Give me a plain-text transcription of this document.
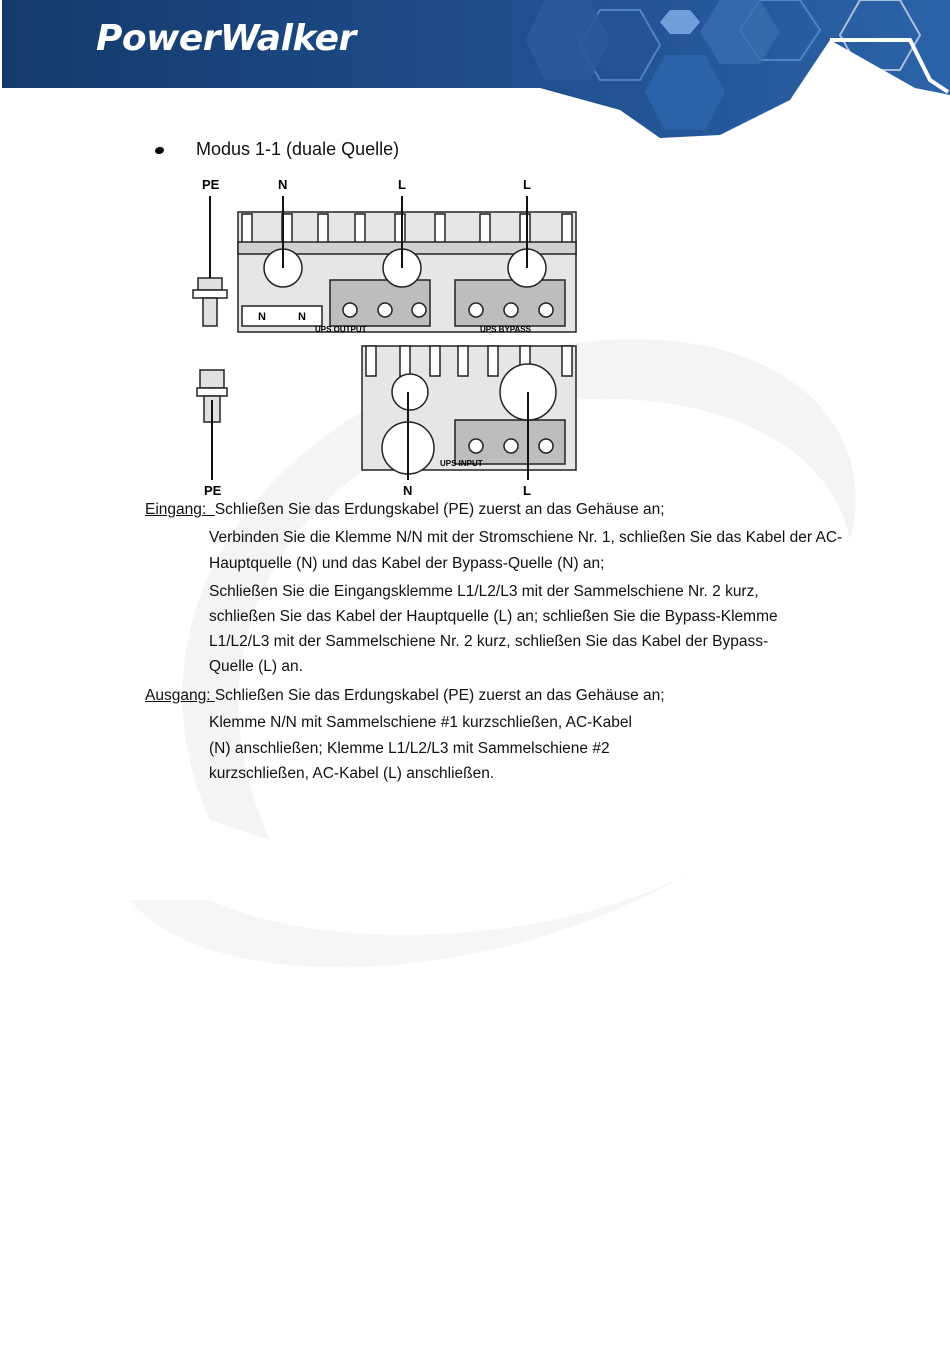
PowerWalker
Modus 1-1 (duale Quelle)
PE	N	L	L
N	N
UPS OUTPUT	UPS BYPASS
UPS INPUT
PE	N	L
Eingang: Schließen Sie das Erdungskabel (PE) zuerst an das Gehäuse an;
Verbinden Sie die Klemme N/N mit der Stromschiene Nr. 1, schließen Sie das Kabel der AC-
Hauptquelle (N) und das Kabel der Bypass-Quelle (N) an;
Schließen Sie die Eingangsklemme L1/L2/L3 mit der Sammelschiene Nr. 2 kurz,
schließen Sie das Kabel der Hauptquelle (L) an; schließen Sie die Bypass-Klemme
L1/L2/L3 mit der Sammelschiene Nr. 2 kurz, schließen Sie das Kabel der Bypass-
Quelle (L) an.
Ausgang: Schließen Sie das Erdungskabel (PE) zuerst an das Gehäuse an;
Klemme N/N mit Sammelschiene #1 kurzschließen, AC-Kabel
(N) anschließen; Klemme L1/L2/L3 mit Sammelschiene #2
kurzschließen, AC-Kabel (L) anschließen.
